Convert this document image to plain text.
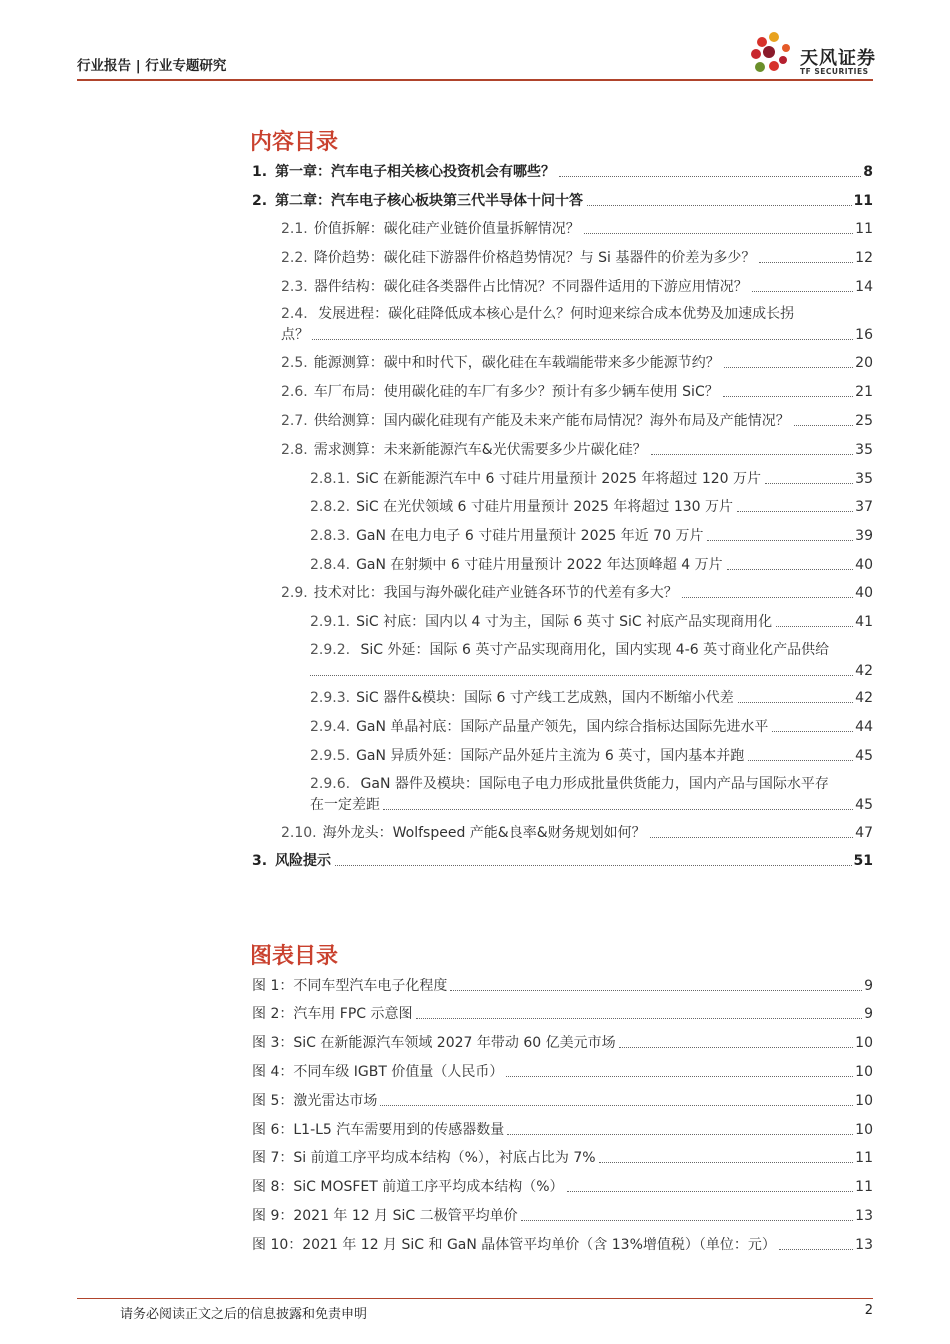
行业报告 | 行业专题研究	天风证券
TF SECURITIES
内容目录
1. 第一章：汽车电子相关核心投资机会有哪些？	8
2. 第二章：汽车电子核心板块第三代半导体十问十答	11
2.1. 价值拆解：碳化硅产业链价值量拆解情况？	11
2.2. 降价趋势：碳化硅下游器件价格趋势情况？与 Si 基器件的价差为多少？	12
2.3. 器件结构：碳化硅各类器件占比情况？不同器件适用的下游应用情况？	14
2.4. 发展进程：碳化硅降低成本核心是什么？何时迎来综合成本优势及加速成长拐
点？	16
2.5. 能源测算：碳中和时代下，碳化硅在车载端能带来多少能源节约？	20
2.6. 车厂布局：使用碳化硅的车厂有多少？预计有多少辆车使用 SiC？	21
2.7. 供给测算：国内碳化硅现有产能及未来产能布局情况？海外布局及产能情况？	25
2.8. 需求测算：未来新能源汽车&光伏需要多少片碳化硅？	35
2.8.1. SiC 在新能源汽车中 6 寸硅片用量预计 2025 年将超过 120 万片	35
2.8.2. SiC 在光伏领域 6 寸硅片用量预计 2025 年将超过 130 万片	37
2.8.3. GaN 在电力电子 6 寸硅片用量预计 2025 年近 70 万片	39
2.8.4. GaN 在射频中 6 寸硅片用量预计 2022 年达顶峰超 4 万片	40
2.9. 技术对比：我国与海外碳化硅产业链各环节的代差有多大？	40
2.9.1. SiC 衬底：国内以 4 寸为主，国际 6 英寸 SiC 衬底产品实现商用化	41
2.9.2. SiC 外延：国际 6 英寸产品实现商用化，国内实现 4-6 英寸商业化产品供给
42
2.9.3. SiC 器件&模块：国际 6 寸产线工艺成熟，国内不断缩小代差	42
2.9.4. GaN 单晶衬底：国际产品量产领先，国内综合指标达国际先进水平	44
2.9.5. GaN 异质外延：国际产品外延片主流为 6 英寸，国内基本并跑	45
2.9.6. GaN 器件及模块：国际电子电力形成批量供货能力，国内产品与国际水平存
在一定差距	45
2.10. 海外龙头：Wolfspeed 产能&良率&财务规划如何？	47
3. 风险提示	51
图表目录
图 1：不同车型汽车电子化程度	9
图 2：汽车用 FPC 示意图	9
图 3：SiC 在新能源汽车领域 2027 年带动 60 亿美元市场	10
图 4：不同车级 IGBT 价值量（人民币）	10
图 5：激光雷达市场	10
图 6：L1-L5 汽车需要用到的传感器数量	10
图 7：Si 前道工序平均成本结构（%），衬底占比为 7%	11
图 8：SiC MOSFET 前道工序平均成本结构（%）	11
图 9：2021 年 12 月 SiC 二极管平均单价	13
图 10：2021 年 12 月 SiC 和 GaN 晶体管平均单价（含 13%增值税）（单位：元）	13
请务必阅读正文之后的信息披露和免责申明	2
